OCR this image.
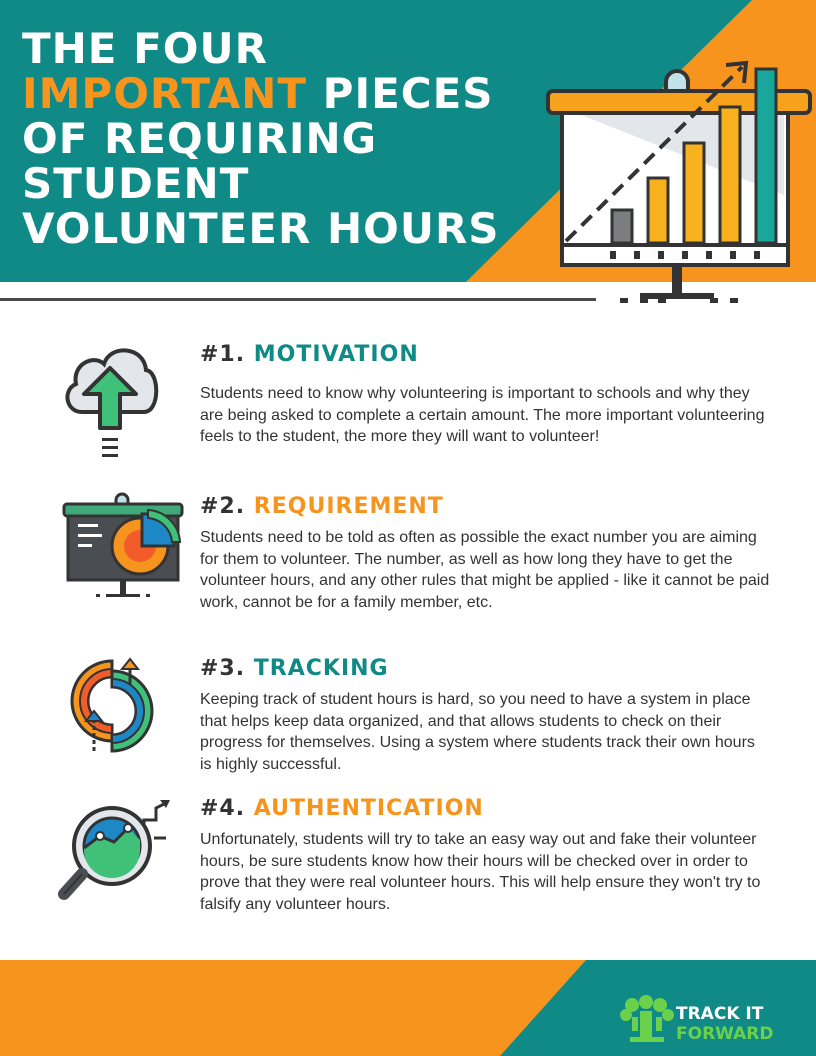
THE FOUR
IMPORTANT PIECES
OF REQUIRING
STUDENT
VOLUNTEER HOURS
#1. MOTIVATION

Students need to know why volunteering is important to schools and why they are being asked to complete a certain amount. The more important volunteering feels to the student, the more they will want to volunteer!

#2. REQUIREMENT

Students need to be told as often as possible the exact number you are aiming for them to volunteer. The number, as well as how long they have to get the volunteer hours, and any other rules that might be applied - like it cannot be paid work, cannot be for a family member, etc.

#3. TRACKING

Keeping track of student hours is hard, so you need to have a system in place that helps keep data organized, and that allows students to check on their progress for themselves. Using a system where students track their own hours is highly successful.

#4. AUTHENTICATION

Unfortunately, students will try to take an easy way out and fake their volunteer hours, be sure students know how their hours will be checked over in order to prove that they were real volunteer hours. This will help ensure they won't try to falsify any volunteer hours.

TRACK IT
FORWARD
